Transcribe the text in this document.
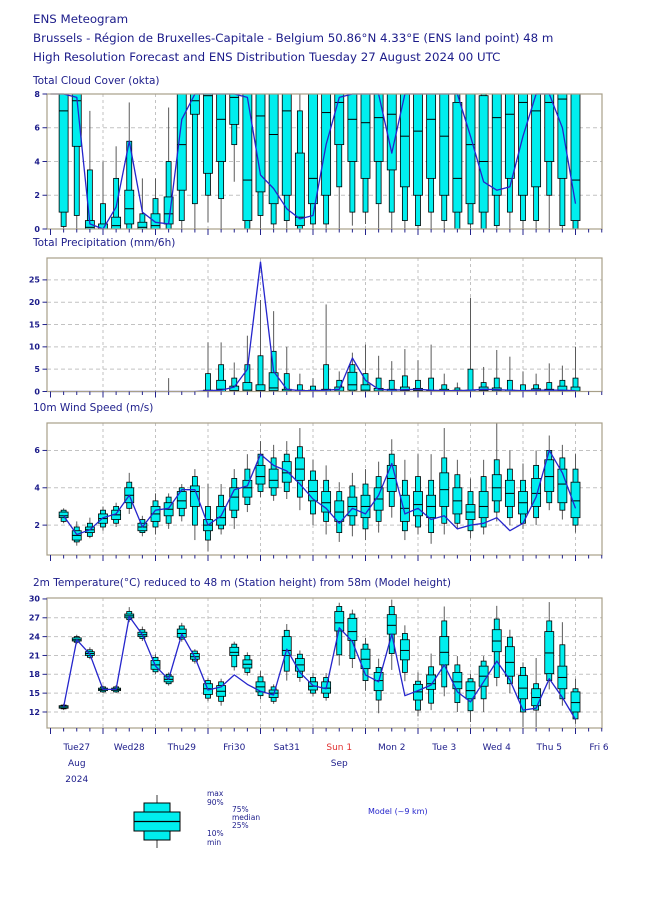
ENS Meteogram
Brussels - Région de Bruxelles-Capitale - Belgium 50.86°N 4.33°E (ENS land point) 48 m
High Resolution Forecast and ENS Distribution Tuesday 27 August 2024 00 UTC
Total Cloud Cover (okta)
Total Precipitation (mm/6h)
10m Wind Speed (m/s)
2m Temperature(°C) reduced to 48 m (Station height) from 58m (Model height)
0
2
4
6
8
0
5
10
15
20
25
2
4
6
12
15
18
21
24
27
30
Tue27	Wed28	Thu29	Fri30	Sat31	Sun 1	Mon 2	Tue 3	Wed 4	Thu 5	Fri 6
Aug
2024
Sep
max
90%
75%
median
25%
10%
min
Model (~9 km)
